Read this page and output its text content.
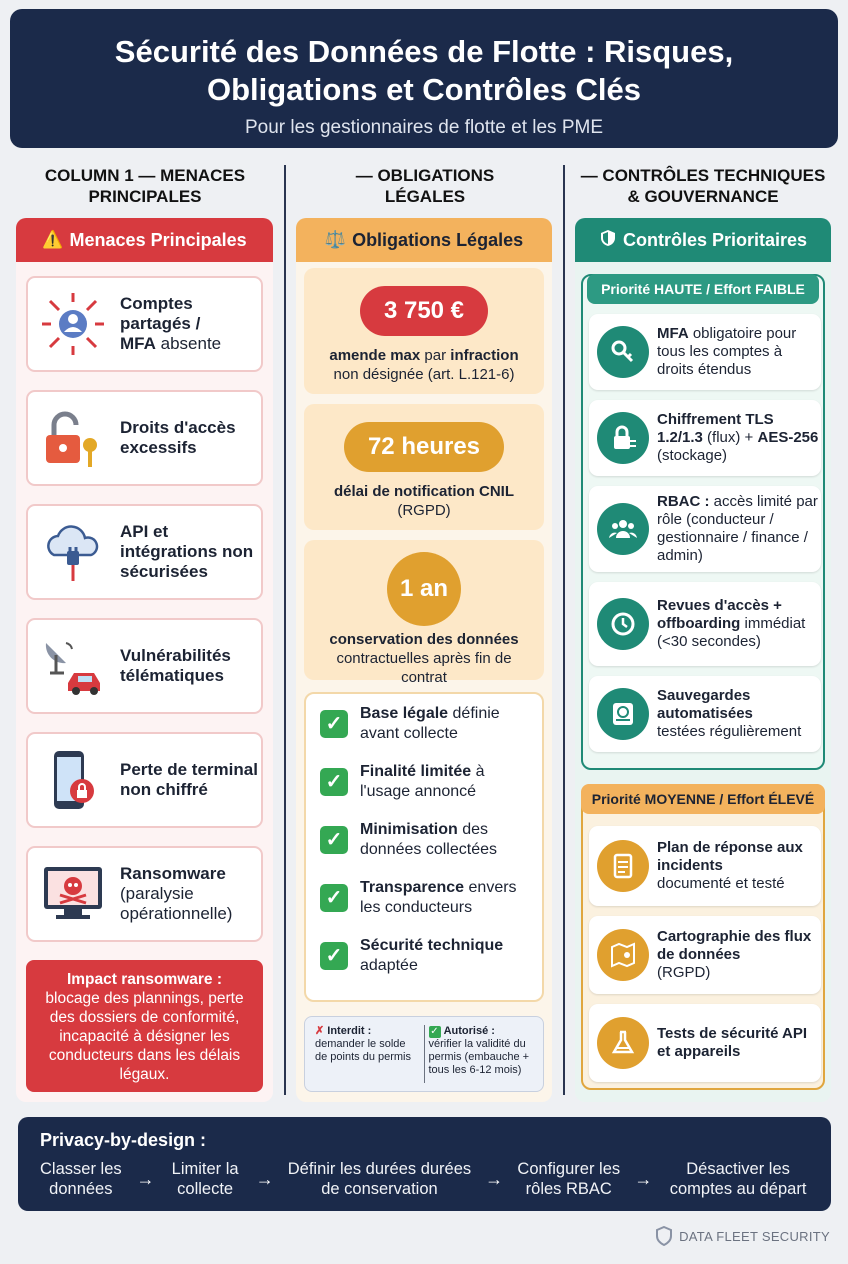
Sécurité des Données de Flotte : Risques,
Obligations et Contrôles Clés
Pour les gestionnaires de flotte et les PME
COLUMN 1 — MENACES
PRINCIPALES
— OBLIGATIONS
LÉGALES
— CONTRÔLES TECHNIQUES
& GOUVERNANCE
⚠️ Menaces Principales
Comptes partagés /
MFA absente
Droits d'accès excessifs
API et intégrations non sécurisées
Vulnérabilités télématiques
Perte de terminal non chiffré
Ransomware
(paralysie opérationnelle)
Impact ransomware :
blocage des plannings, perte des dossiers de conformité, incapacité à désigner les conducteurs dans les délais légaux.
⚖️ Obligations Légales
3 750 €
amende max par infraction
non désignée (art. L.121-6)
72 heures
délai de notification CNIL
(RGPD)
1 an
conservation des données
contractuelles après fin de contrat
✓	Base légale définie avant collecte
✓	Finalité limitée à l'usage annoncé
✓	Minimisation des données collectées
✓	Transparence envers les conducteurs
✓	Sécurité technique adaptée
✗ Interdit :
demander le solde de points du permis
✓ Autorisé :
vérifier la validité du permis (embauche + tous les 6-12 mois)
Contrôles Prioritaires
Priorité HAUTE / Effort FAIBLE
MFA obligatoire pour tous les comptes à droits étendus
Chiffrement TLS 1.2/1.3 (flux) + AES-256 (stockage)
RBAC : accès limité par rôle (conducteur / gestionnaire / finance / admin)
Revues d'accès + offboarding immédiat (<30 secondes)
Sauvegardes automatisées
testées régulièrement
Priorité MOYENNE / Effort ÉLEVÉ
Plan de réponse aux incidents
documenté et testé
Cartographie des flux de données
(RGPD)
Tests de sécurité API et appareils
Privacy-by-design :
Classer les données
→	Limiter la collecte
→ Définir les durées durées de conservation
→ Configurer les rôles RBAC
→	Désactiver les comptes au départ
DATA FLEET SECURITY
